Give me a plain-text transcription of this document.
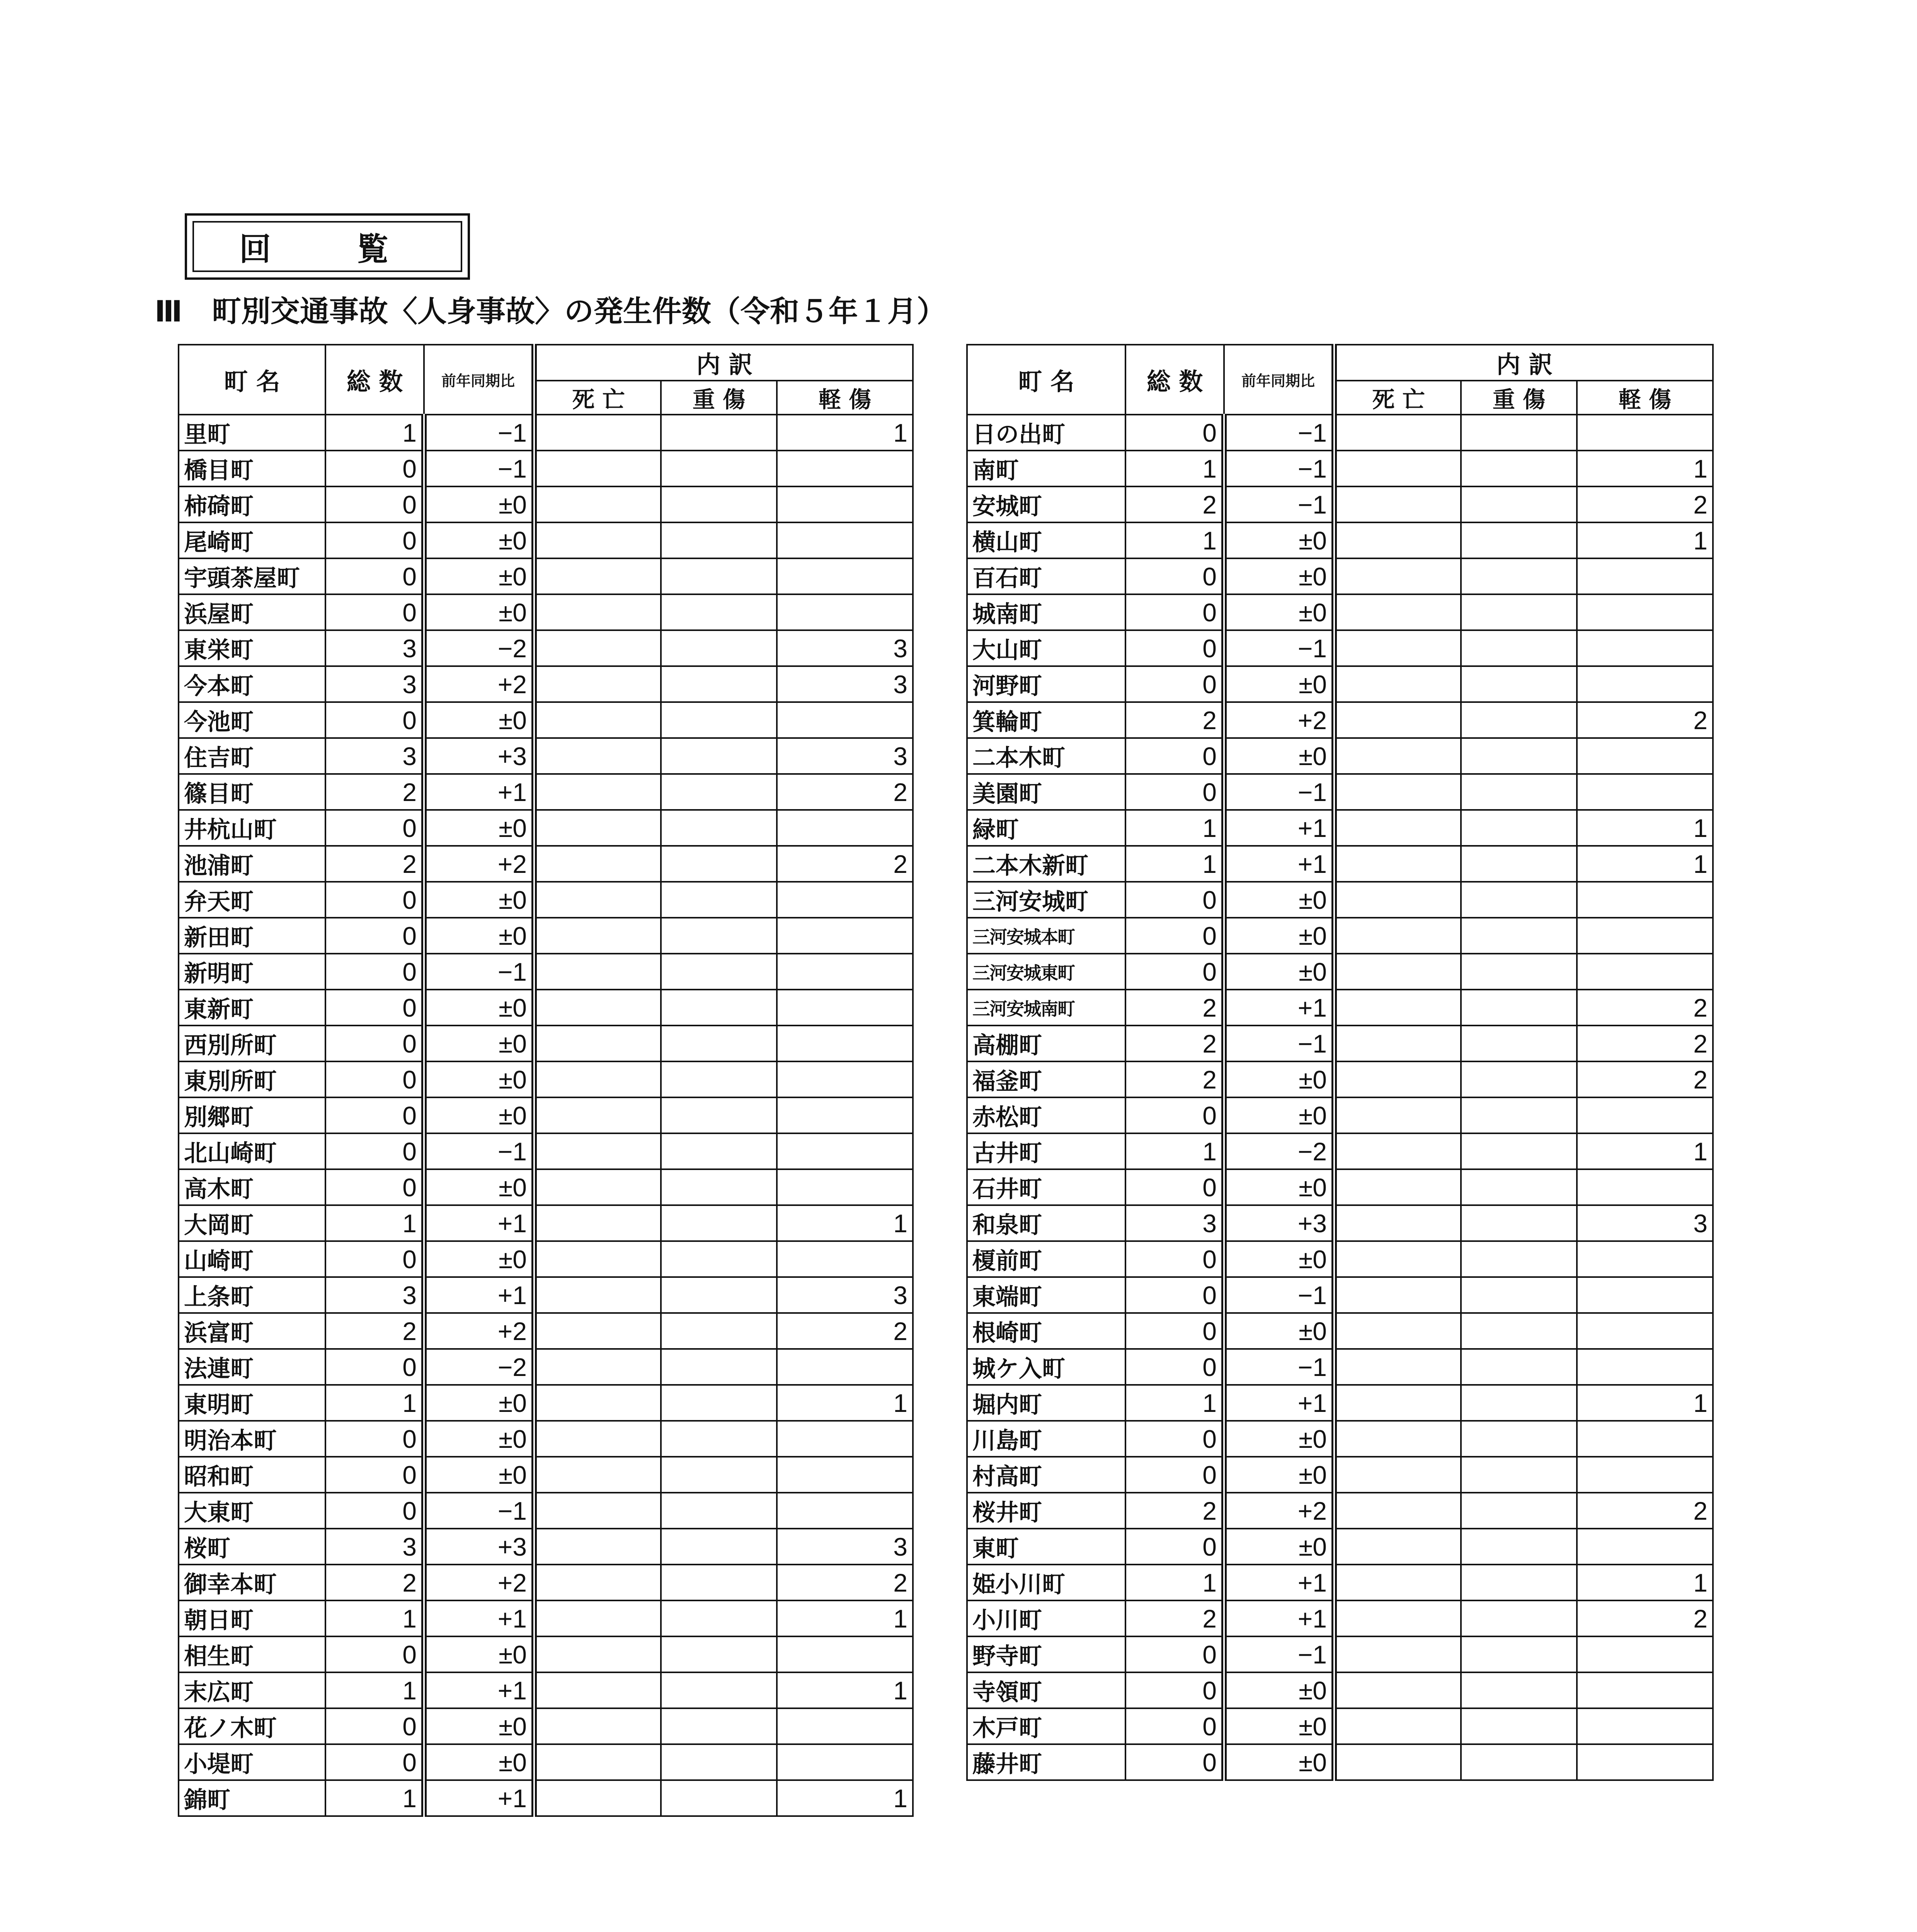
回　覧
Ⅲ　町別交通事故〈人身事故〉の発生件数（令和５年１月）
町 名	総 数	前年同期比	内 訳		
			死 亡	重 傷	軽 傷
里町	1	−1			1
橋目町	0	−1			
柿碕町	0	±0			
尾崎町	0	±0			
宇頭茶屋町	0	±0			
浜屋町	0	±0			
東栄町	3	−2			3
今本町	3	+2			3
今池町	0	±0			
住吉町	3	+3			3
篠目町	2	+1			2
井杭山町	0	±0			
池浦町	2	+2			2
弁天町	0	±0			
新田町	0	±0			
新明町	0	−1			
東新町	0	±0			
西別所町	0	±0			
東別所町	0	±0			
別郷町	0	±0			
北山崎町	0	−1			
高木町	0	±0			
大岡町	1	+1			1
山崎町	0	±0			
上条町	3	+1			3
浜富町	2	+2			2
法連町	0	−2			
東明町	1	±0			1
明治本町	0	±0			
昭和町	0	±0			
大東町	0	−1			
桜町	3	+3			3
御幸本町	2	+2			2
朝日町	1	+1			1
相生町	0	±0			
末広町	1	+1			1
花ノ木町	0	±0			
小堤町	0	±0			
錦町	1	+1			1
町 名	総 数	前年同期比	内 訳		
			死 亡	重 傷	軽 傷
日の出町	0	−1			
南町	1	−1			1
安城町	2	−1			2
横山町	1	±0			1
百石町	0	±0			
城南町	0	±0			
大山町	0	−1			
河野町	0	±0			
箕輪町	2	+2			2
二本木町	0	±0			
美園町	0	−1			
緑町	1	+1			1
二本木新町	1	+1			1
三河安城町	0	±0			
三河安城本町	0	±0			
三河安城東町	0	±0			
三河安城南町	2	+1			2
高棚町	2	−1			2
福釜町	2	±0			2
赤松町	0	±0			
古井町	1	−2			1
石井町	0	±0			
和泉町	3	+3			3
榎前町	0	±0			
東端町	0	−1			
根崎町	0	±0			
城ケ入町	0	−1			
堀内町	1	+1			1
川島町	0	±0			
村高町	0	±0			
桜井町	2	+2			2
東町	0	±0			
姫小川町	1	+1			1
小川町	2	+1			2
野寺町	0	−1			
寺領町	0	±0			
木戸町	0	±0			
藤井町	0	±0			
